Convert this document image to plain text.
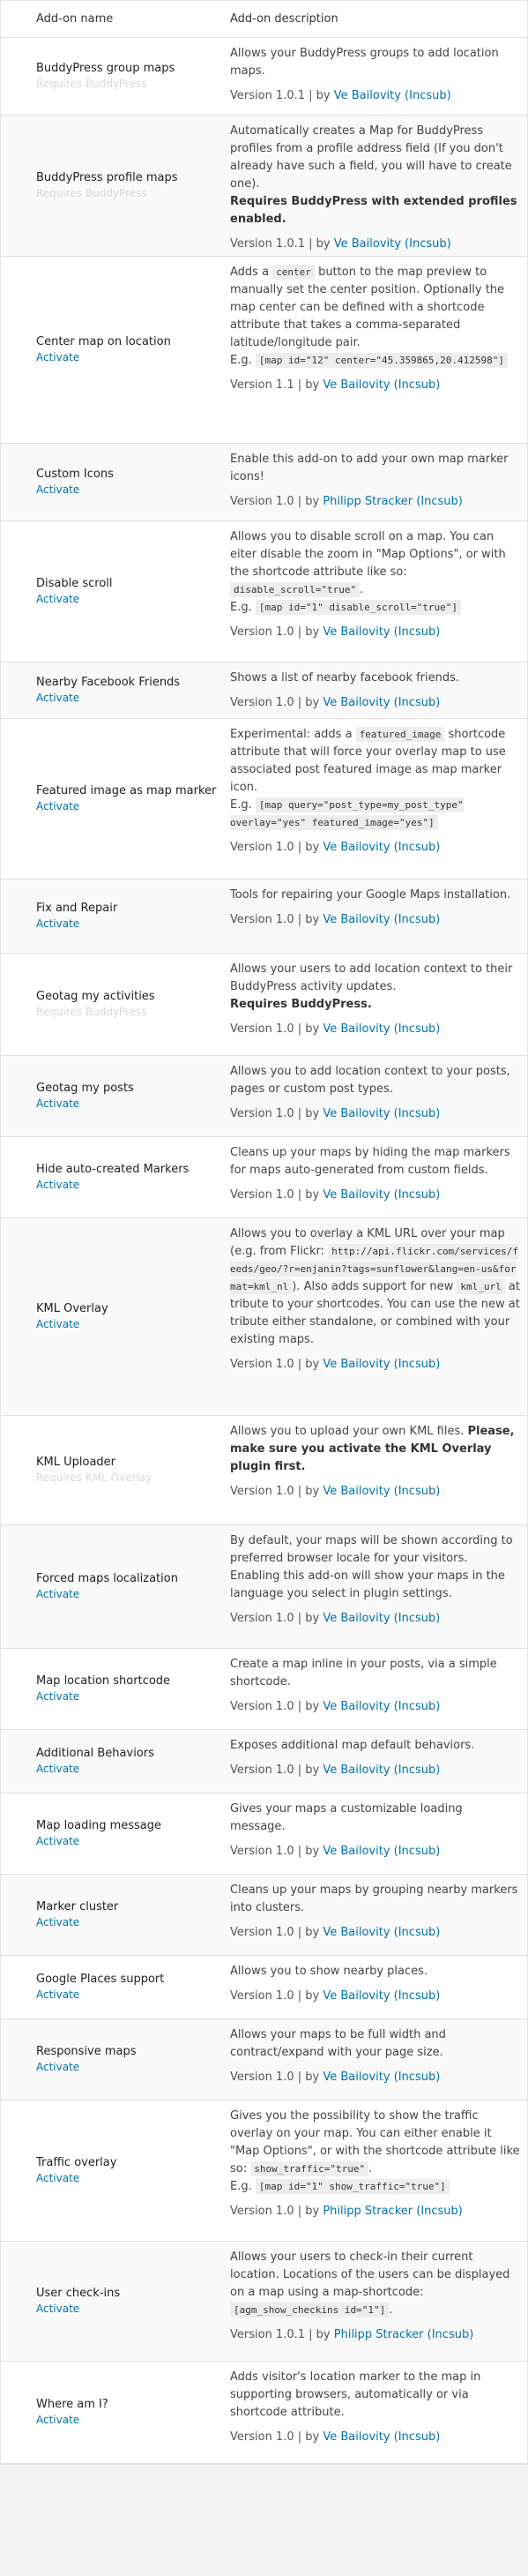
Add-on name	Add-on description
BuddyPress group maps
Requires BuddyPress

Allows your BuddyPress groups to add location maps.

Version 1.0.1 | by Ve Bailovity (Incsub)
BuddyPress profile maps
Requires BuddyPress

Automatically creates a Map for BuddyPress profiles from a profile address field (If you don't already have such a field, you will have to create one).
Requires BuddyPress with extended profiles enabled.

Version 1.0.1 | by Ve Bailovity (Incsub)
Center map on location
Activate

Adds a center button to the map preview to manually set the center position. Optionally the map center can be defined with a shortcode attribute that takes a comma-separated latitude/longitude pair.
E.g. [map id="12" center="45.359865,20.412598"]

Version 1.1 | by Ve Bailovity (Incsub)
Custom Icons
Activate

Enable this add-on to add your own map marker icons!

Version 1.0 | by Philipp Stracker (Incsub)
Disable scroll
Activate

Allows you to disable scroll on a map. You can eiter disable the zoom in "Map Options", or with the shortcode attribute like so: disable_scroll="true" .
E.g. [map id="1" disable_scroll="true"]

Version 1.0 | by Ve Bailovity (Incsub)
Nearby Facebook Friends
Activate

Shows a list of nearby facebook friends.

Version 1.0 | by Ve Bailovity (Incsub)
Featured image as map marker
Activate

Experimental: adds a featured_image shortcode attribute that will force your overlay map to use associated post featured image as map marker icon.
E.g. [map query="post_type=my_post_type" overlay="yes" featured_image="yes"]

Version 1.0 | by Ve Bailovity (Incsub)
Fix and Repair
Activate

Tools for repairing your Google Maps installation.

Version 1.0 | by Ve Bailovity (Incsub)
Geotag my activities
Requires BuddyPress

Allows your users to add location context to their BuddyPress activity updates.
Requires BuddyPress.

Version 1.0 | by Ve Bailovity (Incsub)
Geotag my posts
Activate

Allows you to add location context to your posts, pages or custom post types.

Version 1.0 | by Ve Bailovity (Incsub)
Hide auto-created Markers
Activate

Cleans up your maps by hiding the map markers for maps auto-generated from custom fields.

Version 1.0 | by Ve Bailovity (Incsub)
KML Overlay
Activate

Allows you to overlay a KML URL over your map (e.g. from Flickr: http://api.flickr.com/services/feeds/geo/?r=enjanin?tags=sunflower&lang=en-us&format=kml_nl ). Also adds support for new kml_url attribute to your shortcodes. You can use the new attribute either standalone, or combined with your existing maps.

Version 1.0 | by Ve Bailovity (Incsub)
KML Uploader
Requires KML Overlay

Allows you to upload your own KML files. Please, make sure you activate the KML Overlay plugin first.

Version 1.0 | by Ve Bailovity (Incsub)
Forced maps localization
Activate

By default, your maps will be shown according to preferred browser locale for your visitors. Enabling this add-on will show your maps in the language you select in plugin settings.

Version 1.0 | by Ve Bailovity (Incsub)
Map location shortcode
Activate

Create a map inline in your posts, via a simple shortcode.

Version 1.0 | by Ve Bailovity (Incsub)
Additional Behaviors
Activate

Exposes additional map default behaviors.

Version 1.0 | by Ve Bailovity (Incsub)
Map loading message
Activate

Gives your maps a customizable loading message.

Version 1.0 | by Ve Bailovity (Incsub)
Marker cluster
Activate

Cleans up your maps by grouping nearby markers into clusters.

Version 1.0 | by Ve Bailovity (Incsub)
Google Places support
Activate

Allows you to show nearby places.

Version 1.0 | by Ve Bailovity (Incsub)
Responsive maps
Activate

Allows your maps to be full width and contract/expand with your page size.

Version 1.0 | by Ve Bailovity (Incsub)
Traffic overlay
Activate

Gives you the possibility to show the traffic overlay on your map. You can either enable it "Map Options", or with the shortcode attribute like so: show_traffic="true" .
E.g. [map id="1" show_traffic="true"]

Version 1.0 | by Philipp Stracker (Incsub)
User check-ins
Activate

Allows your users to check-in their current location. Locations of the users can be displayed on a map using a map-shortcode:
[agm_show_checkins id="1"] .

Version 1.0.1 | by Philipp Stracker (Incsub)
Where am I?
Activate

Adds visitor's location marker to the map in supporting browsers, automatically or via shortcode attribute.

Version 1.0 | by Ve Bailovity (Incsub)
